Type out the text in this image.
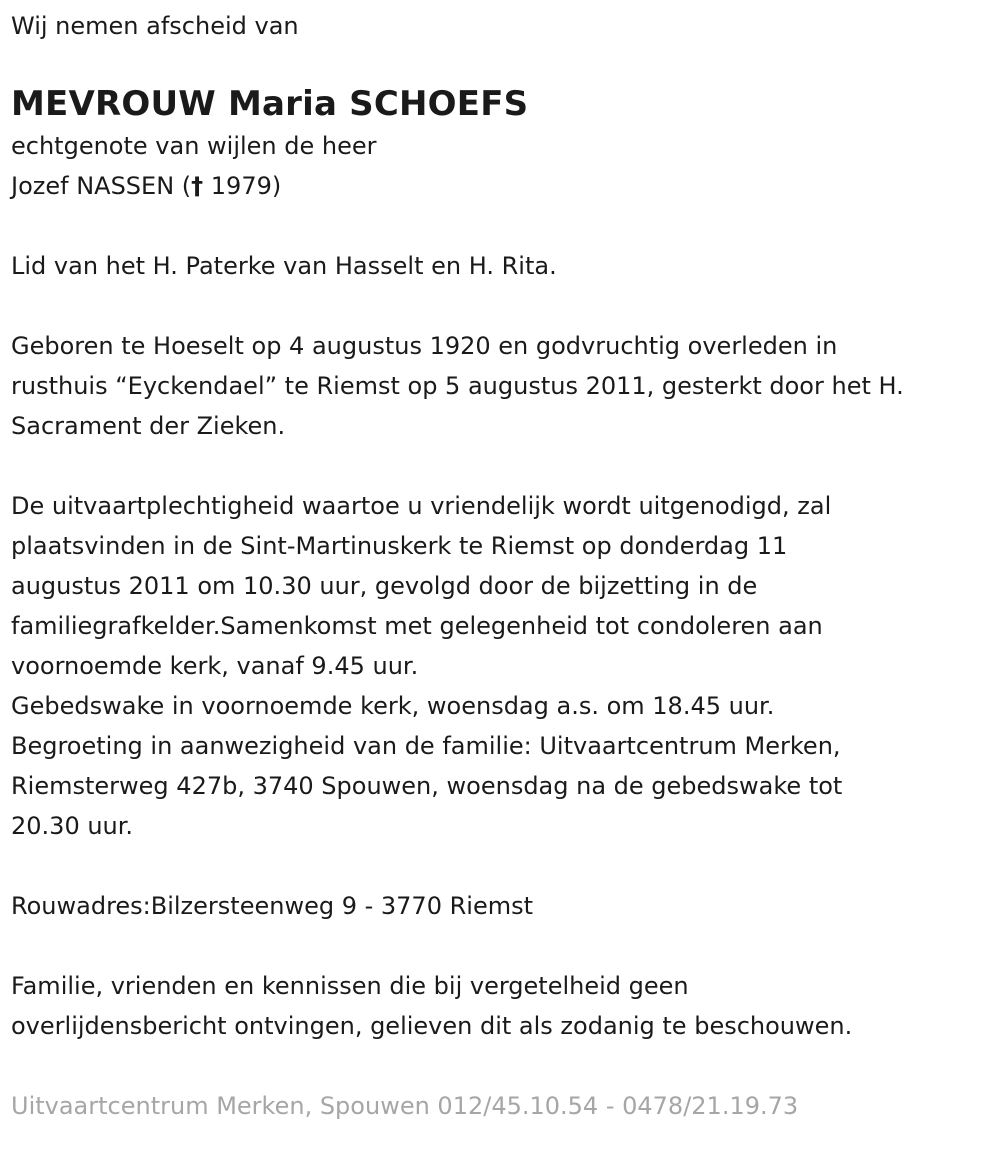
Wij nemen afscheid van

MEVROUW Maria SCHOEFS

echtgenote van wijlen de heer

Jozef NASSEN († 1979)

Lid van het H. Paterke van Hasselt en H. Rita.

Geboren te Hoeselt op 4 augustus 1920 en godvruchtig overleden in

rusthuis “Eyckendael” te Riemst op 5 augustus 2011, gesterkt door het H.

Sacrament der Zieken.

De uitvaartplechtigheid waartoe u vriendelijk wordt uitgenodigd, zal

plaatsvinden in de Sint-Martinuskerk te Riemst op donderdag 11

augustus 2011 om 10.30 uur, gevolgd door de bijzetting in de

familiegrafkelder.Samenkomst met gelegenheid tot condoleren aan

voornoemde kerk, vanaf 9.45 uur.

Gebedswake in voornoemde kerk, woensdag a.s. om 18.45 uur.

Begroeting in aanwezigheid van de familie: Uitvaartcentrum Merken,

Riemsterweg 427b, 3740 Spouwen, woensdag na de gebedswake tot

20.30 uur.

Rouwadres:Bilzersteenweg 9 - 3770 Riemst

Familie, vrienden en kennissen die bij vergetelheid geen

overlijdensbericht ontvingen, gelieven dit als zodanig te beschouwen.

Uitvaartcentrum Merken, Spouwen 012/45.10.54 - 0478/21.19.73
